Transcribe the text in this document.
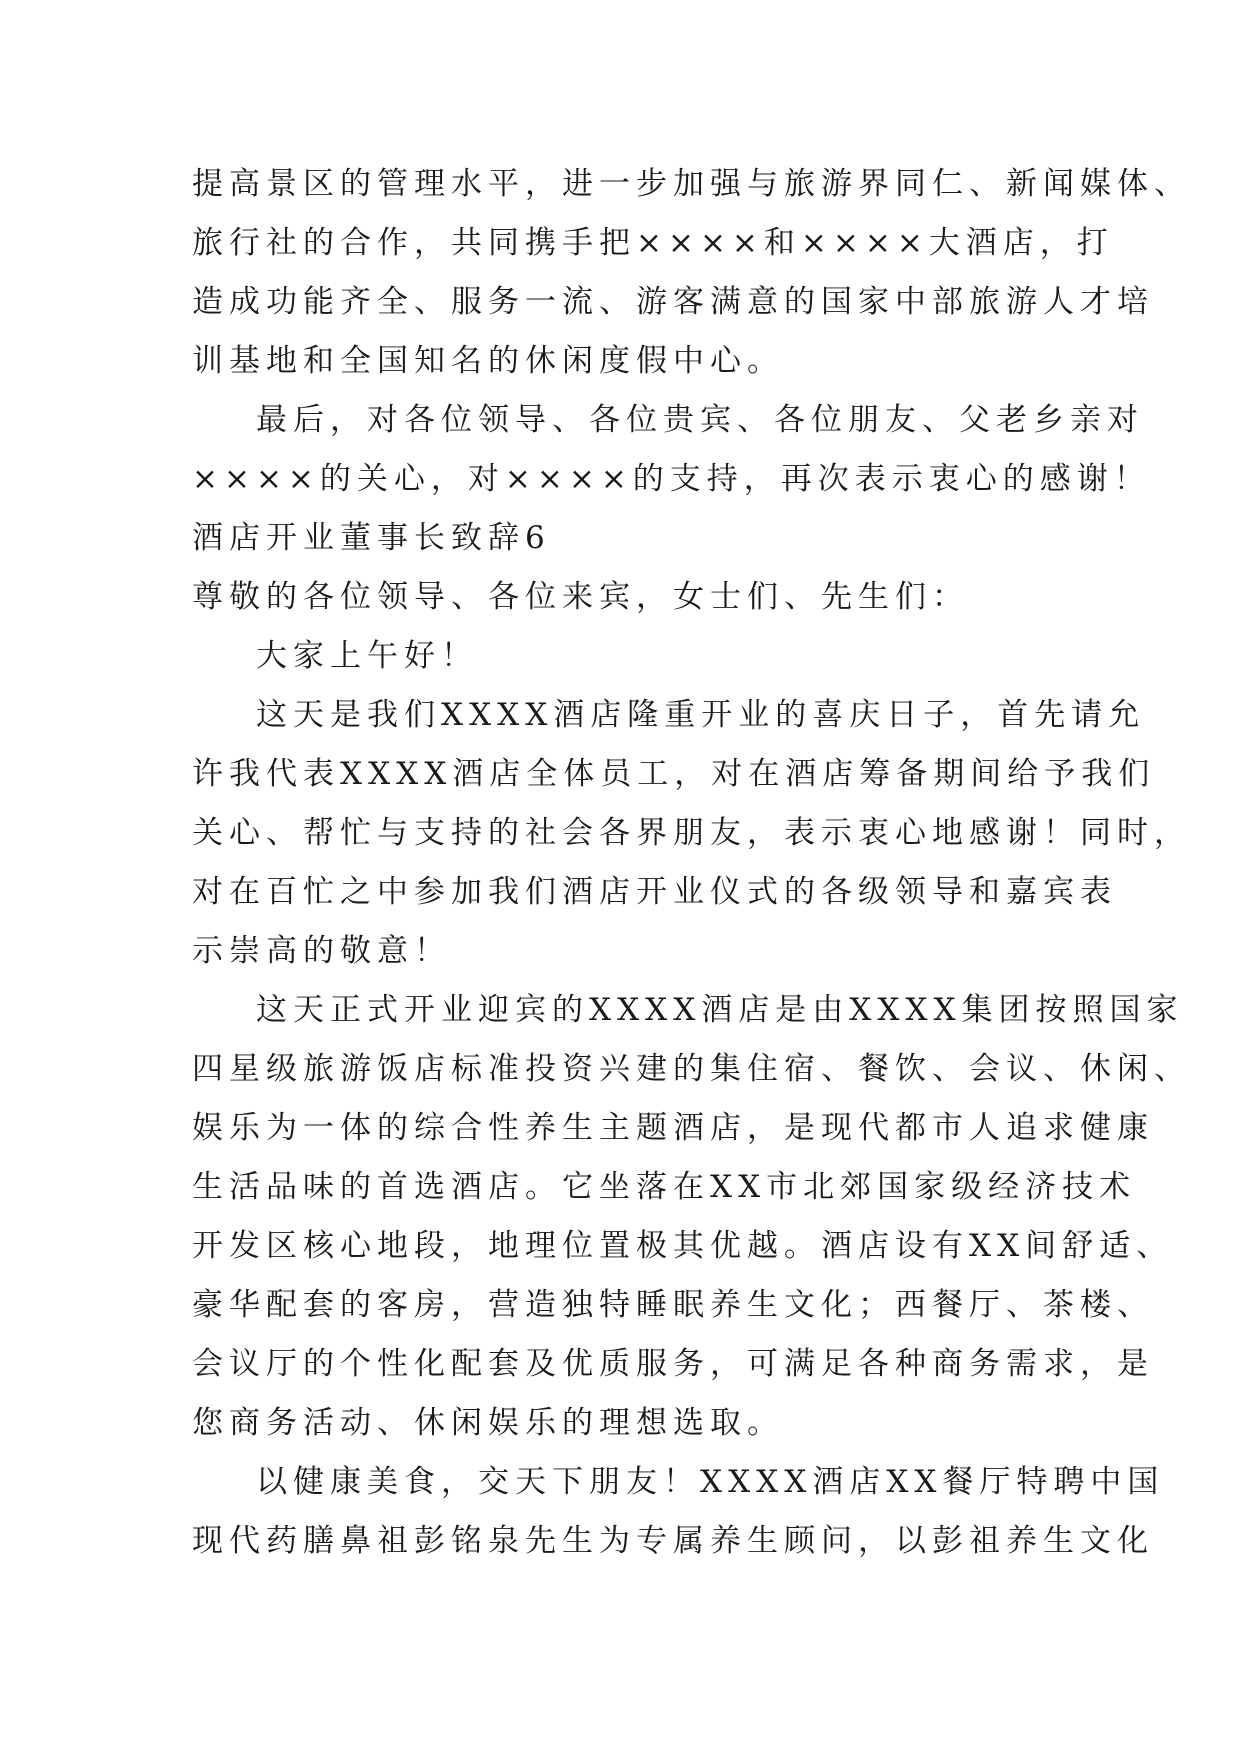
提高景区的管理水平，进一步加强与旅游界同仁、新闻媒体、
旅行社的合作，共同携手把××××和××××大酒店，打
造成功能齐全、服务一流、游客满意的国家中部旅游人才培
训基地和全国知名的休闲度假中心。
最后，对各位领导、各位贵宾、各位朋友、父老乡亲对
××××的关心，对××××的支持，再次表示衷心的感谢！
酒店开业董事长致辞6
尊敬的各位领导、各位来宾，女士们、先生们：
大家上午好！
这天是我们XXXX酒店隆重开业的喜庆日子，首先请允
许我代表XXXX酒店全体员工，对在酒店筹备期间给予我们
关心、帮忙与支持的社会各界朋友，表示衷心地感谢！同时，
对在百忙之中参加我们酒店开业仪式的各级领导和嘉宾表
示崇高的敬意！
这天正式开业迎宾的XXXX酒店是由XXXX集团按照国家
四星级旅游饭店标准投资兴建的集住宿、餐饮、会议、休闲、
娱乐为一体的综合性养生主题酒店，是现代都市人追求健康
生活品味的首选酒店。它坐落在XX市北郊国家级经济技术
开发区核心地段，地理位置极其优越。酒店设有XX间舒适、
豪华配套的客房，营造独特睡眠养生文化；西餐厅、茶楼、
会议厅的个性化配套及优质服务，可满足各种商务需求，是
您商务活动、休闲娱乐的理想选取。
以健康美食，交天下朋友！XXXX酒店XX餐厅特聘中国
现代药膳鼻祖彭铭泉先生为专属养生顾问，以彭祖养生文化
